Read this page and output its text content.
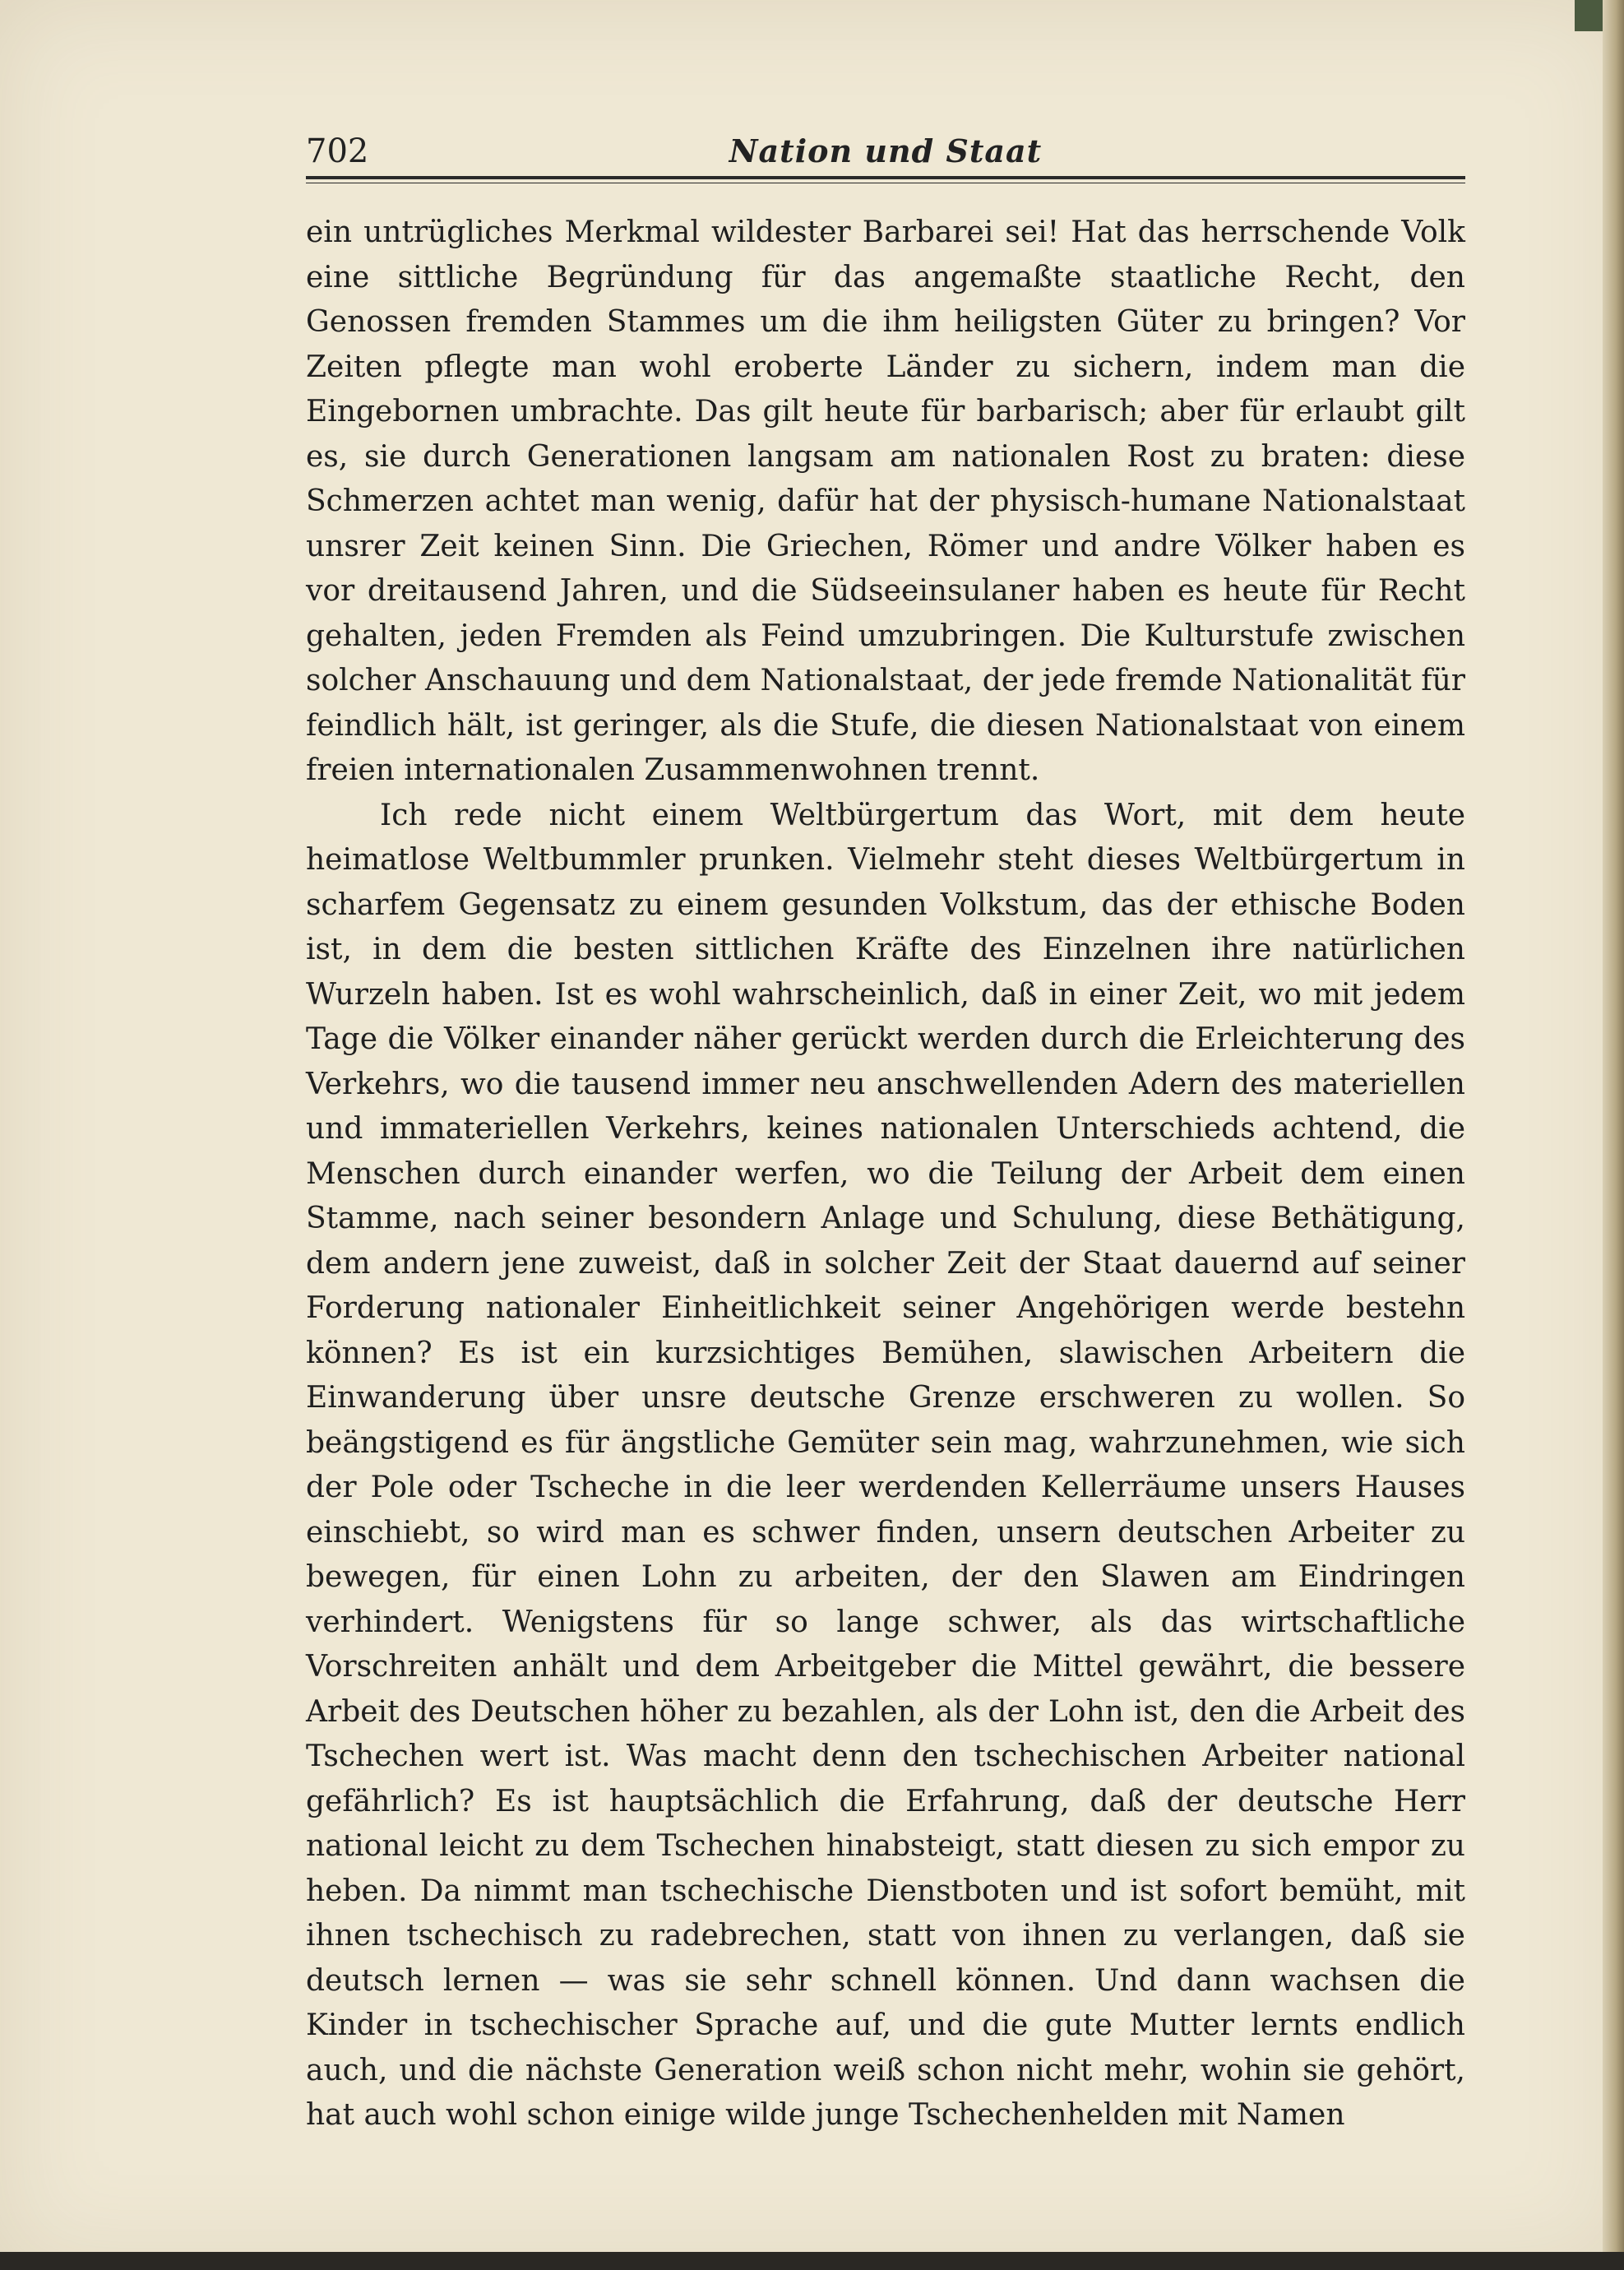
702	Nation und Staat

ein untrügliches Merkmal wildester Barbarei sei! Hat das herrschende Volk eine sittliche Begründung für das angemaßte staatliche Recht, den Genossen fremden Stammes um die ihm heiligsten Güter zu bringen? Vor Zeiten pflegte man wohl eroberte Länder zu sichern, indem man die Eingebornen umbrachte. Das gilt heute für barbarisch; aber für erlaubt gilt es, sie durch Generationen langsam am nationalen Rost zu braten: diese Schmerzen achtet man wenig, dafür hat der physisch-humane Nationalstaat unsrer Zeit keinen Sinn. Die Griechen, Römer und andre Völker haben es vor dreitausend Jahren, und die Südseeinsulaner haben es heute für Recht gehalten, jeden Fremden als Feind umzubringen. Die Kulturstufe zwischen solcher Anschauung und dem Nationalstaat, der jede fremde Nationalität für feindlich hält, ist geringer, als die Stufe, die diesen Nationalstaat von einem freien internationalen Zusammenwohnen trennt.

Ich rede nicht einem Weltbürgertum das Wort, mit dem heute heimatlose Weltbummler prunken. Vielmehr steht dieses Weltbürgertum in scharfem Gegensatz zu einem gesunden Volkstum, das der ethische Boden ist, in dem die besten sittlichen Kräfte des Einzelnen ihre natürlichen Wurzeln haben. Ist es wohl wahrscheinlich, daß in einer Zeit, wo mit jedem Tage die Völker einander näher gerückt werden durch die Erleichterung des Verkehrs, wo die tausend immer neu anschwellenden Adern des materiellen und immateriellen Verkehrs, keines nationalen Unterschieds achtend, die Menschen durch einander werfen, wo die Teilung der Arbeit dem einen Stamme, nach seiner besondern Anlage und Schulung, diese Bethätigung, dem andern jene zuweist, daß in solcher Zeit der Staat dauernd auf seiner Forderung nationaler Einheitlichkeit seiner Angehörigen werde bestehn können? Es ist ein kurzsichtiges Bemühen, slawischen Arbeitern die Einwanderung über unsre deutsche Grenze erschweren zu wollen. So beängstigend es für ängstliche Gemüter sein mag, wahrzunehmen, wie sich der Pole oder Tscheche in die leer werdenden Kellerräume unsers Hauses einschiebt, so wird man es schwer finden, unsern deutschen Arbeiter zu bewegen, für einen Lohn zu arbeiten, der den Slawen am Eindringen verhindert. Wenigstens für so lange schwer, als das wirtschaftliche Vorschreiten anhält und dem Arbeitgeber die Mittel gewährt, die bessere Arbeit des Deutschen höher zu bezahlen, als der Lohn ist, den die Arbeit des Tschechen wert ist. Was macht denn den tschechischen Arbeiter national gefährlich? Es ist hauptsächlich die Erfahrung, daß der deutsche Herr national leicht zu dem Tschechen hinabsteigt, statt diesen zu sich empor zu heben. Da nimmt man tschechische Dienstboten und ist sofort bemüht, mit ihnen tschechisch zu radebrechen, statt von ihnen zu verlangen, daß sie deutsch lernen — was sie sehr schnell können. Und dann wachsen die Kinder in tschechischer Sprache auf, und die gute Mutter lernts endlich auch, und die nächste Generation weiß schon nicht mehr, wohin sie gehört, hat auch wohl schon einige wilde junge Tschechenhelden mit Namen
